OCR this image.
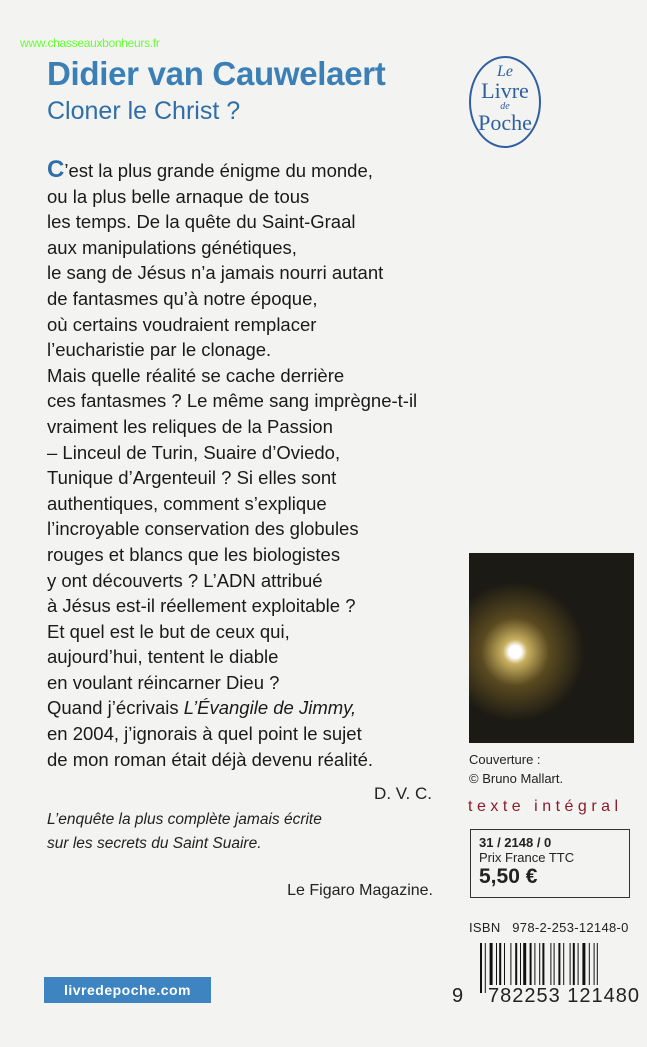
www.chasseauxbonheurs.fr
Didier van Cauwelaert
Cloner le Christ ?
Le
Livre
de
Poche
C’est la plus grande énigme du monde,
ou la plus belle arnaque de tous
les temps. De la quête du Saint-Graal
aux manipulations génétiques,
le sang de Jésus n’a jamais nourri autant
de fantasmes qu’à notre époque,
où certains voudraient remplacer
l’eucharistie par le clonage.
Mais quelle réalité se cache derrière
ces fantasmes ? Le même sang imprègne-t-il
vraiment les reliques de la Passion
– Linceul de Turin, Suaire d’Oviedo,
Tunique d’Argenteuil ? Si elles sont
authentiques, comment s’explique
l’incroyable conservation des globules
rouges et blancs que les biologistes
y ont découverts ? L’ADN attribué
à Jésus est-il réellement exploitable ?
Et quel est le but de ceux qui,
aujourd’hui, tentent le diable
en voulant réincarner Dieu ?
Quand j’écrivais L’Évangile de Jimmy,
en 2004, j’ignorais à quel point le sujet
de mon roman était déjà devenu réalité.
D. V. C.
L’enquête la plus complète jamais écrite
sur les secrets du Saint Suaire.
Le Figaro Magazine.
Couverture :
© Bruno Mallart.
texte intégral
31 / 2148 / 0
Prix France TTC
5,50 €
ISBN   978-2-253-12148-0
9 782253 121480
livredepoche.com
